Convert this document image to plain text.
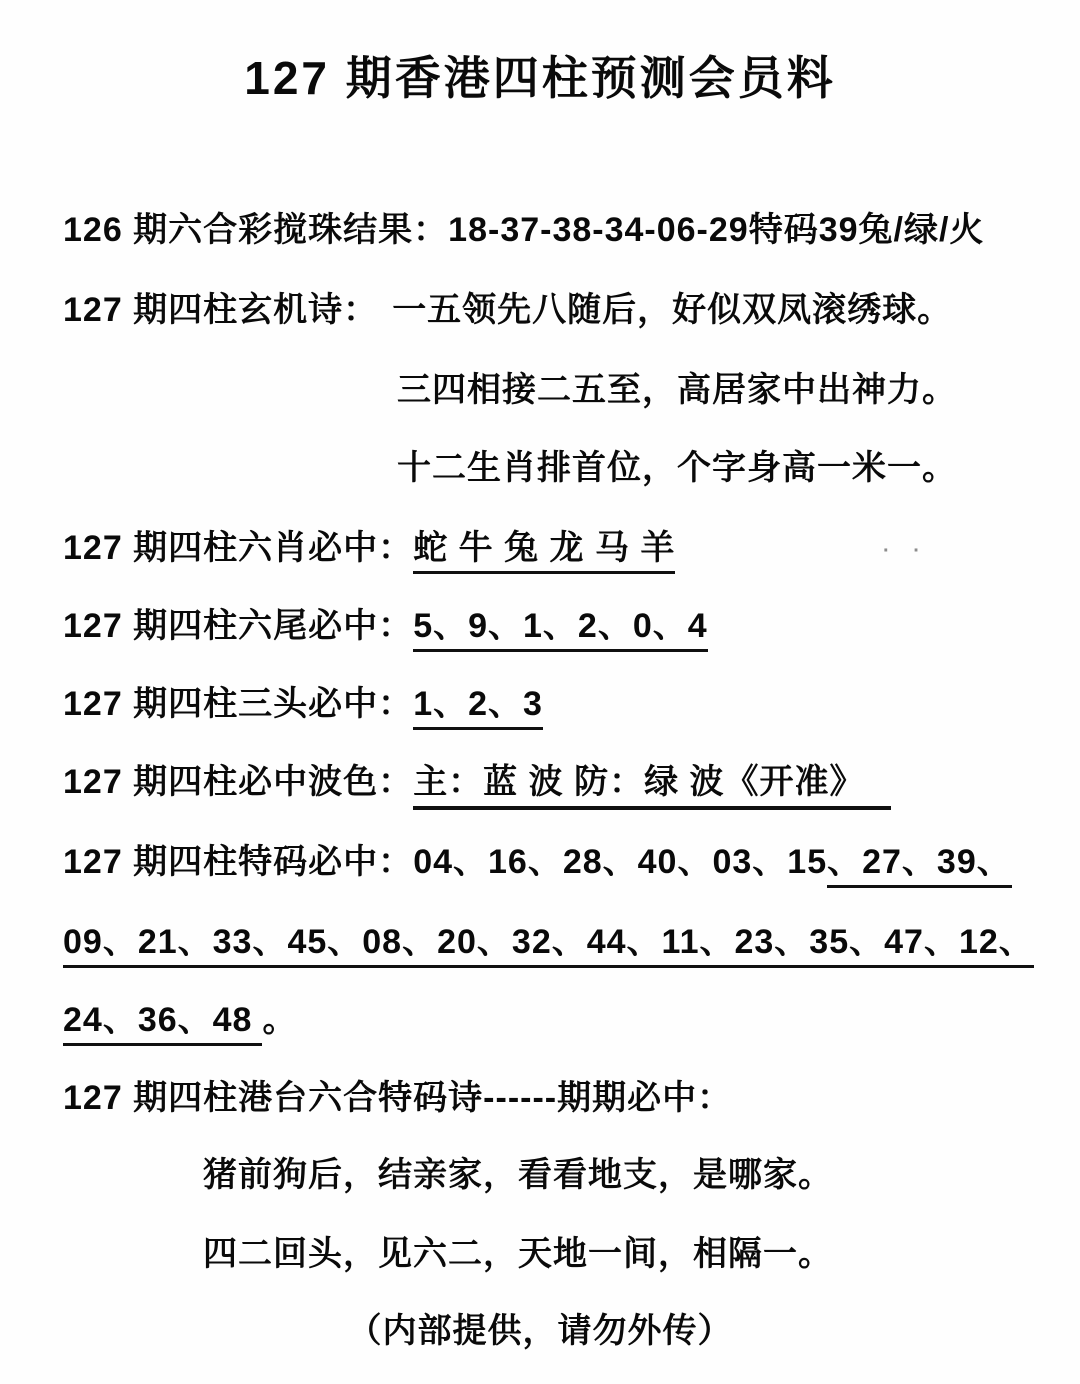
127 期香港四柱预测会员料
126 期六合彩搅珠结果：18-37-38-34-06-29特码39兔/绿/火
127 期四柱玄机诗： 一五领先八随后，好似双凤滚绣球。
三四相接二五至，高居家中出神力。
十二生肖排首位，个字身高一米一。
127 期四柱六肖必中：蛇 牛 兔 龙 马 羊	· ·
127 期四柱六尾必中：5、9、1、2、0、4
127 期四柱三头必中：1、2、3
127 期四柱必中波色：主：蓝 波 防：绿 波《开准》
127 期四柱特码必中：04、16、28、40、03、15、27、39、
09、21、33、45、08、20、32、44、11、23、35、47、12、
24、36、48 。
127 期四柱港台六合特码诗------期期必中：
猪前狗后，结亲家，看看地支，是哪家。
四二回头，见六二，天地一间，相隔一。
（内部提供，请勿外传）
